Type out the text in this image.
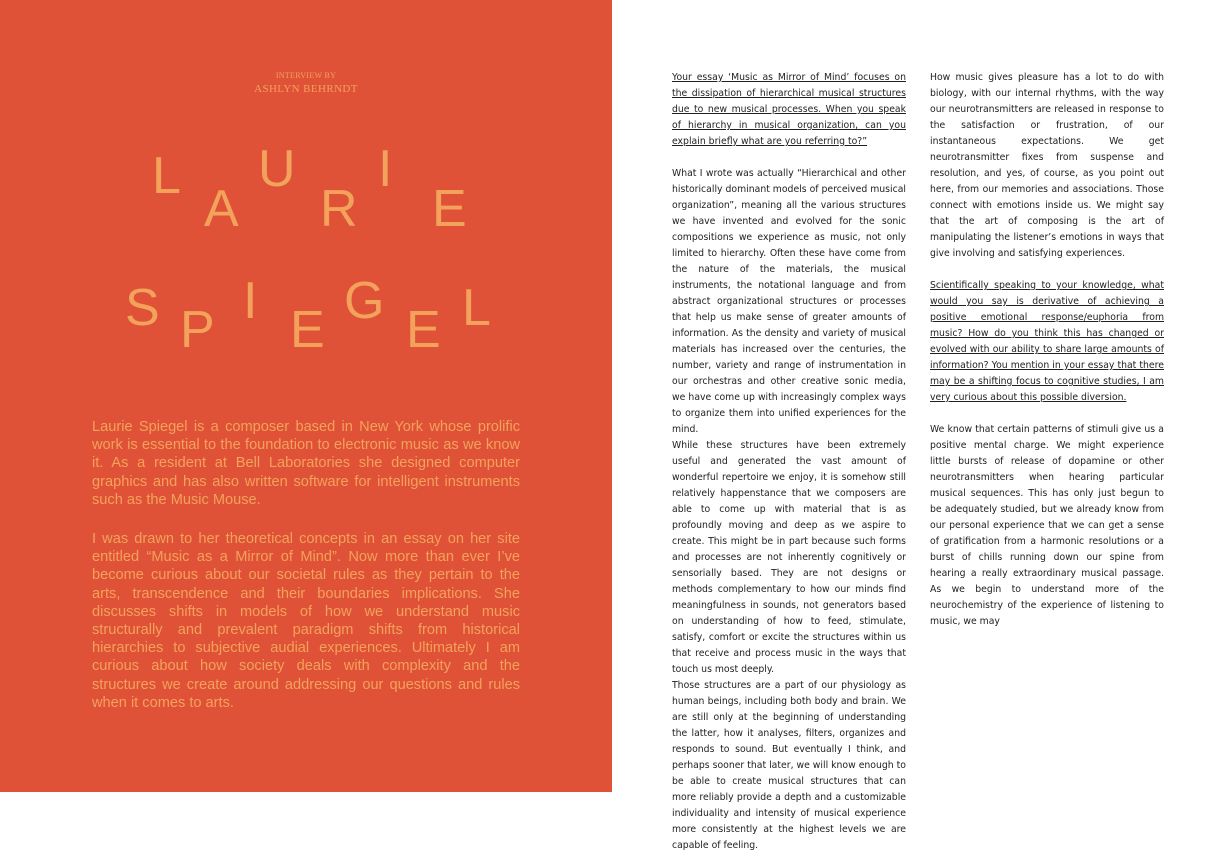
INTERVIEW BY
ASHLYN BEHRNDT
L
A
U
R
I
E
S P I E G E L

Laurie Spiegel is a composer based in New York whose prolific work is essential to the foundation to electronic music as we know it. As a resident at Bell Laboratories she designed computer graphics and has also written software for intelligent instruments such as the Music Mouse.

I was drawn to her theoretical concepts in an essay on her site entitled “Music as a Mirror of Mind”. Now more than ever I’ve become curious about our societal rules as they pertain to the arts, transcendence and their boundaries implications. She discusses shifts in models of how we understand music structurally and prevalent paradigm shifts from historical hierarchies to subjective audial experiences. Ultimately I am curious about how society deals with complexity and the structures we create around addressing our questions and rules when it comes to arts.

Your essay ‘Music as Mirror of Mind’ focuses on the dissipation of hierarchical musical structures due to new musical processes. When you speak of hierarchy in musical organization, can you explain briefly what are you referring to?”

What I wrote was actually “Hierarchical and other historically dominant models of perceived musical organization”, meaning all the various structures we have invented and evolved for the sonic compositions we experience as music, not only limited to hierarchy. Often these have come from the nature of the materials, the musical instruments, the notational language and from abstract organizational structures or processes that help us make sense of greater amounts of information. As the density and variety of musical materials has increased over the centuries, the number, variety and range of instrumentation in our orchestras and other creative sonic media, we have come up with increasingly complex ways to organize them into unified experiences for the mind.

While these structures have been extremely useful and generated the vast amount of wonderful repertoire we enjoy, it is somehow still relatively happenstance that we composers are able to come up with material that is as profoundly moving and deep as we aspire to create. This might be in part because such forms and processes are not inherently cognitively or sensorially based. They are not designs or methods complementary to how our minds find meaningfulness in sounds, not generators based on understanding of how to feed, stimulate, satisfy, comfort or excite the structures within us that receive and process music in the ways that touch us most deeply.

Those structures are a part of our physiology as human beings, including both body and brain. We are still only at the beginning of understanding the latter, how it analyses, filters, organizes and responds to sound. But eventually I think, and perhaps sooner that later, we will know enough to be able to create musical structures that can more reliably provide a depth and a customizable individuality and intensity of musical experience more consistently at the highest levels we are capable of feeling.

How music gives pleasure has a lot to do with biology, with our internal rhythms, with the way our neurotransmitters are released in response to the satisfaction or frustration, of our instantaneous expectations. We get neurotransmitter fixes from suspense and resolution, and yes, of course, as you point out here, from our memories and associations. Those connect with emotions inside us. We might say that the art of composing is the art of manipulating the listener’s emotions in ways that give involving and satisfying experiences.

Scientifically speaking to your knowledge, what would you say is derivative of achieving a positive emotional response/euphoria from music? How do you think this has changed or evolved with our ability to share large amounts of information? You mention in your essay that there may be a shifting focus to cognitive studies, I am very curious about this possible diversion.

We know that certain patterns of stimuli give us a positive mental charge. We might experience little bursts of release of dopamine or other neurotransmitters when hearing particular musical sequences. This has only just begun to be adequately studied, but we already know from our personal experience that we can get a sense of gratification from a harmonic resolutions or a burst of chills running down our spine from hearing a really extraordinary musical passage. As we begin to understand more of the neurochemistry of the experience of listening to music, we may
